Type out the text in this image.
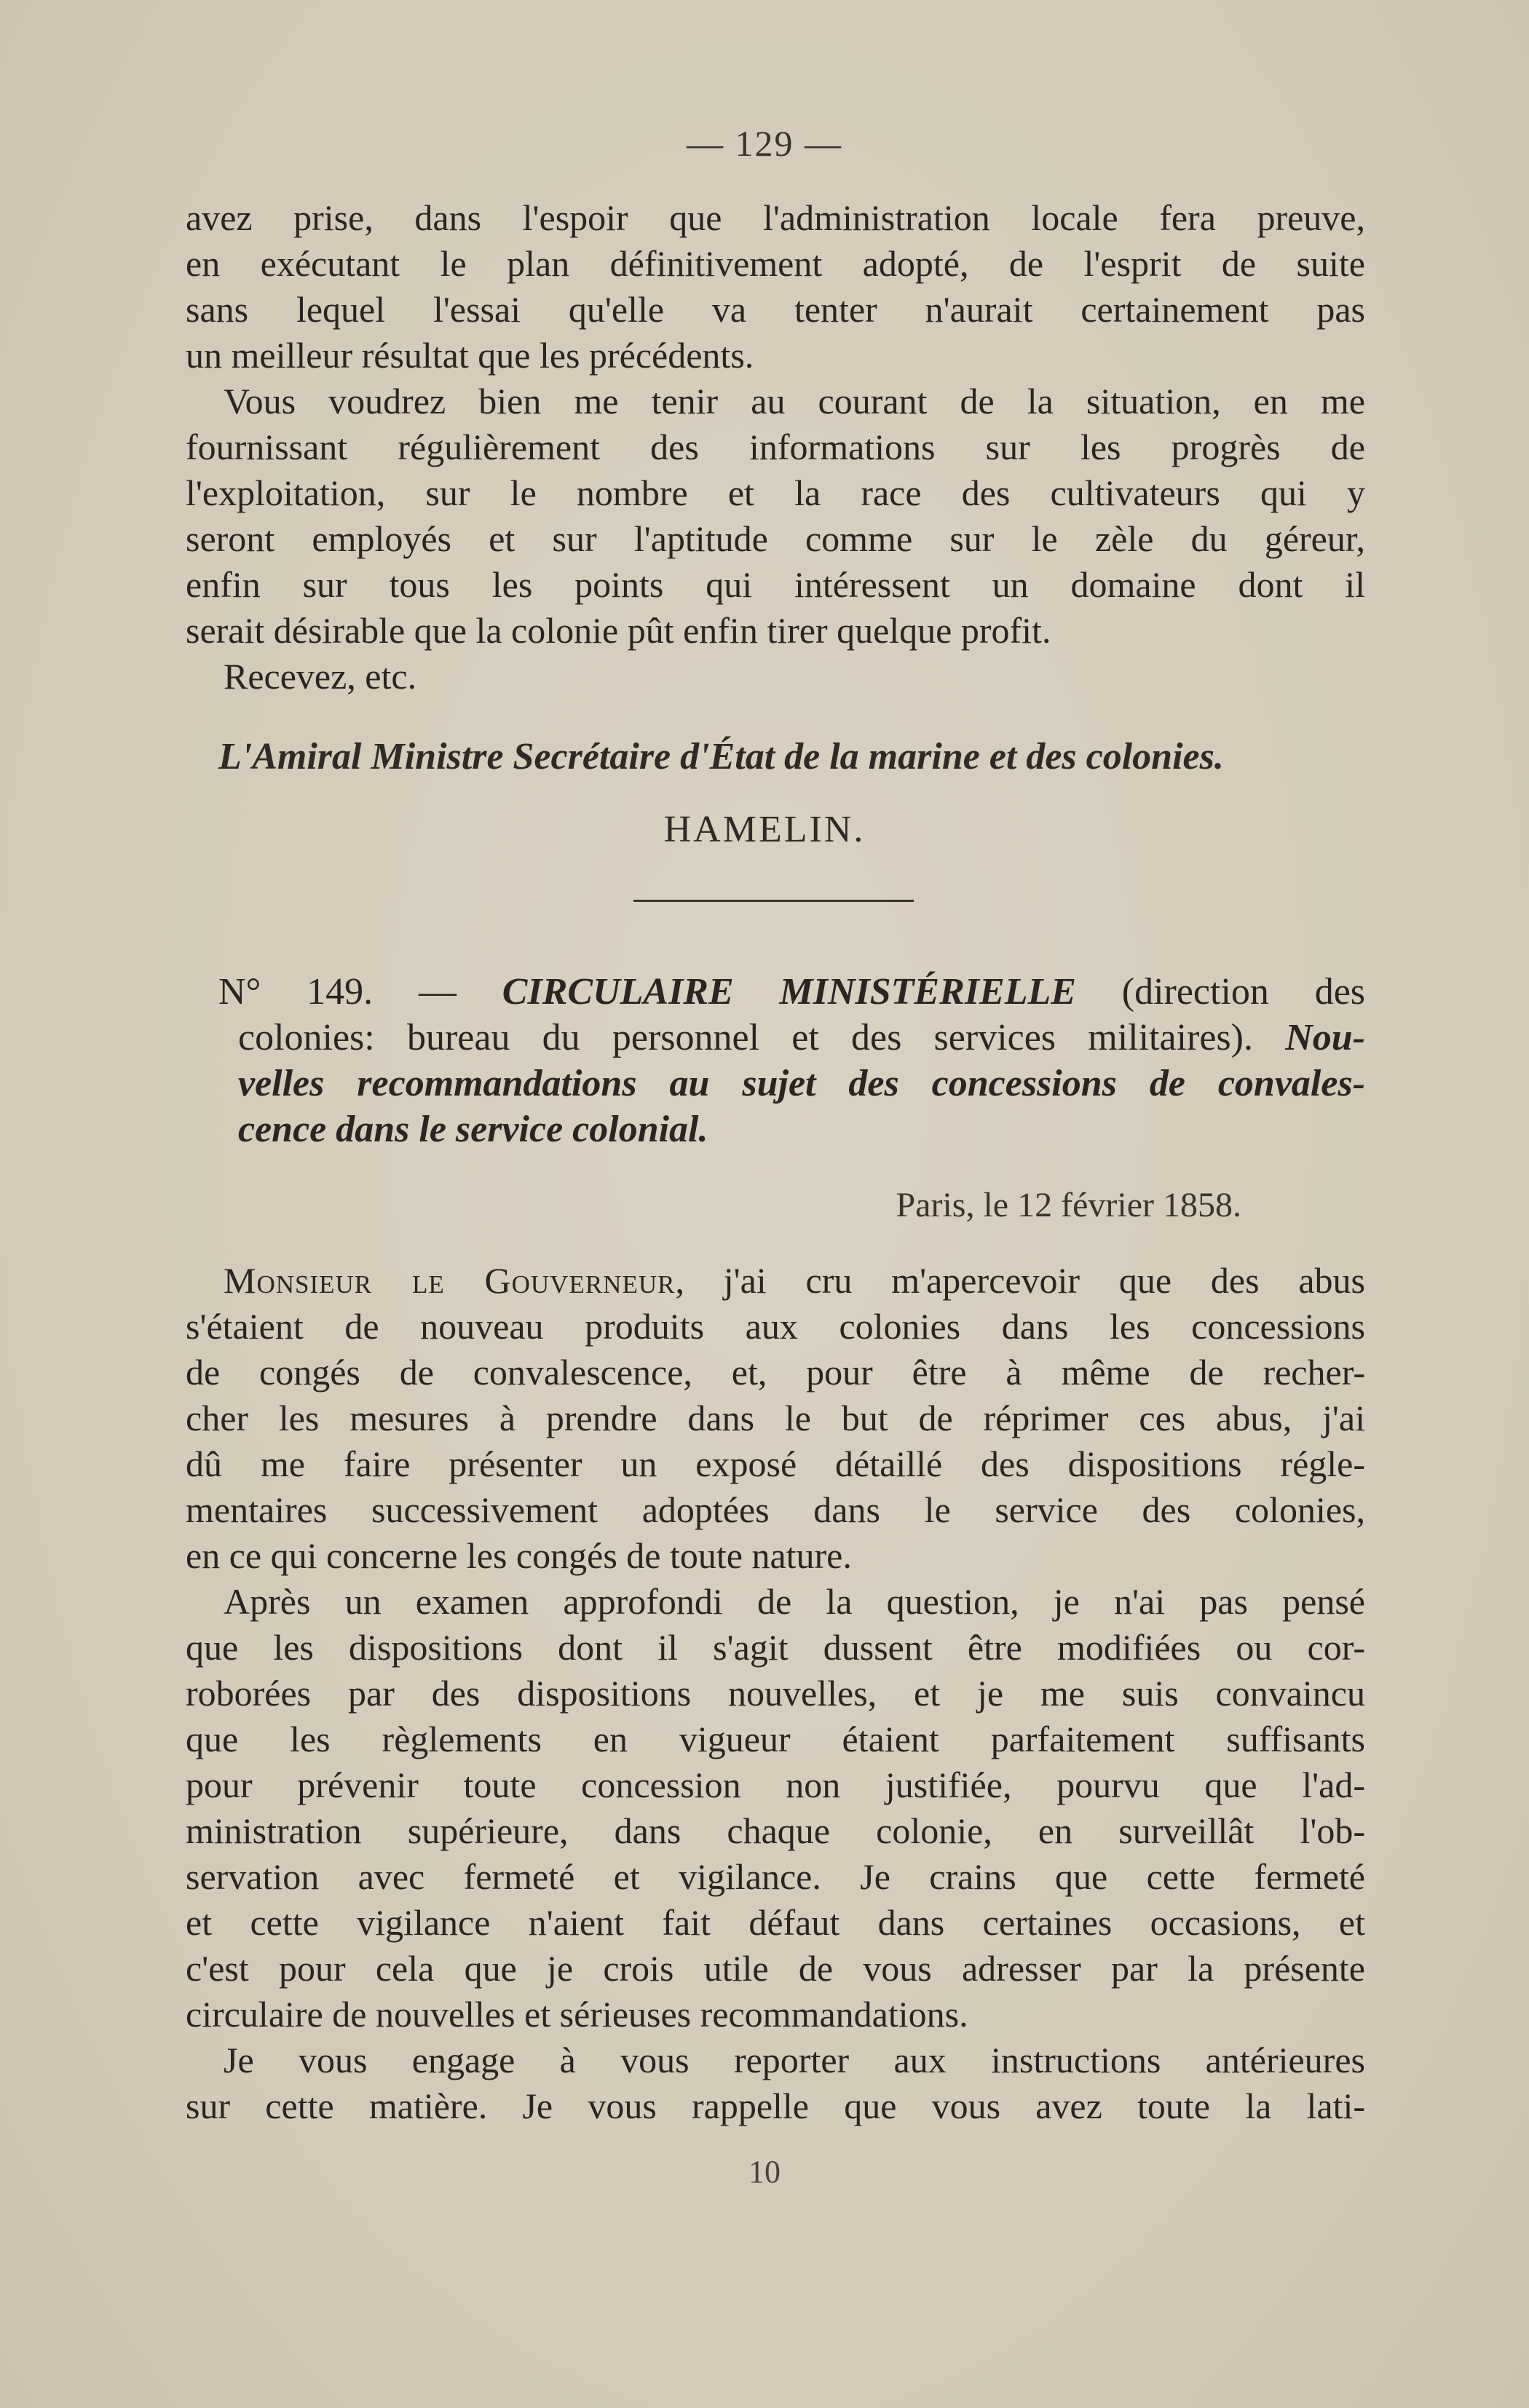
— 129 —
avez prise, dans l'espoir que l'administration locale fera preuve,
en exécutant le plan définitivement adopté, de l'esprit de suite
sans lequel l'essai qu'elle va tenter n'aurait certainement pas
un meilleur résultat que les précédents.
Vous voudrez bien me tenir au courant de la situation, en me
fournissant régulièrement des informations sur les progrès de
l'exploitation, sur le nombre et la race des cultivateurs qui y
seront employés et sur l'aptitude comme sur le zèle du géreur,
enfin sur tous les points qui intéressent un domaine dont il
serait désirable que la colonie pût enfin tirer quelque profit.
Recevez, etc.
L'Amiral Ministre Secrétaire d'État de la marine et des colonies.
HAMELIN.
N° 149. — CIRCULAIRE MINISTÉRIELLE (direction des
colonies: bureau du personnel et des services militaires). Nou-
velles recommandations au sujet des concessions de convales-
cence dans le service colonial.
Paris, le 12 février 1858.
Monsieur le Gouverneur, j'ai cru m'apercevoir que des abus
s'étaient de nouveau produits aux colonies dans les concessions
de congés de convalescence, et, pour être à même de recher-
cher les mesures à prendre dans le but de réprimer ces abus, j'ai
dû me faire présenter un exposé détaillé des dispositions régle-
mentaires successivement adoptées dans le service des colonies,
en ce qui concerne les congés de toute nature.
Après un examen approfondi de la question, je n'ai pas pensé
que les dispositions dont il s'agit dussent être modifiées ou cor-
roborées par des dispositions nouvelles, et je me suis convaincu
que les règlements en vigueur étaient parfaitement suffisants
pour prévenir toute concession non justifiée, pourvu que l'ad-
ministration supérieure, dans chaque colonie, en surveillât l'ob-
servation avec fermeté et vigilance. Je crains que cette fermeté
et cette vigilance n'aient fait défaut dans certaines occasions, et
c'est pour cela que je crois utile de vous adresser par la présente
circulaire de nouvelles et sérieuses recommandations.
Je vous engage à vous reporter aux instructions antérieures
sur cette matière. Je vous rappelle que vous avez toute la lati-
10
